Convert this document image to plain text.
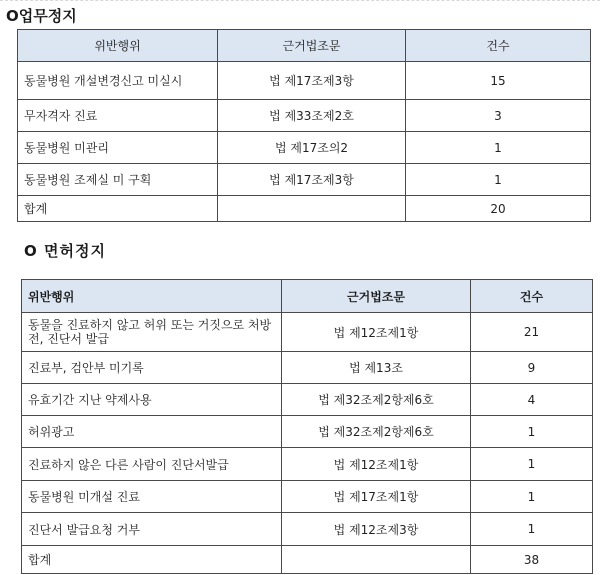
O업무정지
위반행위	근거법조문	건수
동물병원 개설변경신고 미실시	법 제17조제3항	15
무자격자 진료	법 제33조제2호	3
동물병원 미관리	법 제17조의2	1
동물병원 조제실 미 구획	법 제17조제3항	1
합계		20
O 면허정지
위반행위	근거법조문	건수
동물을 진료하지 않고 허위 또는 거짓으로 처방전, 진단서 발급	법 제12조제1항	21
진료부, 검안부 미기록	법 제13조	9
유효기간 지난 약제사용	법 제32조제2항제6호	4
허위광고	법 제32조제2항제6호	1
진료하지 않은 다른 사람이 진단서발급	법 제12조제1항	1
동물병원 미개설 진료	법 제17조제1항	1
진단서 발급요청 거부	법 제12조제3항	1
합계		38
